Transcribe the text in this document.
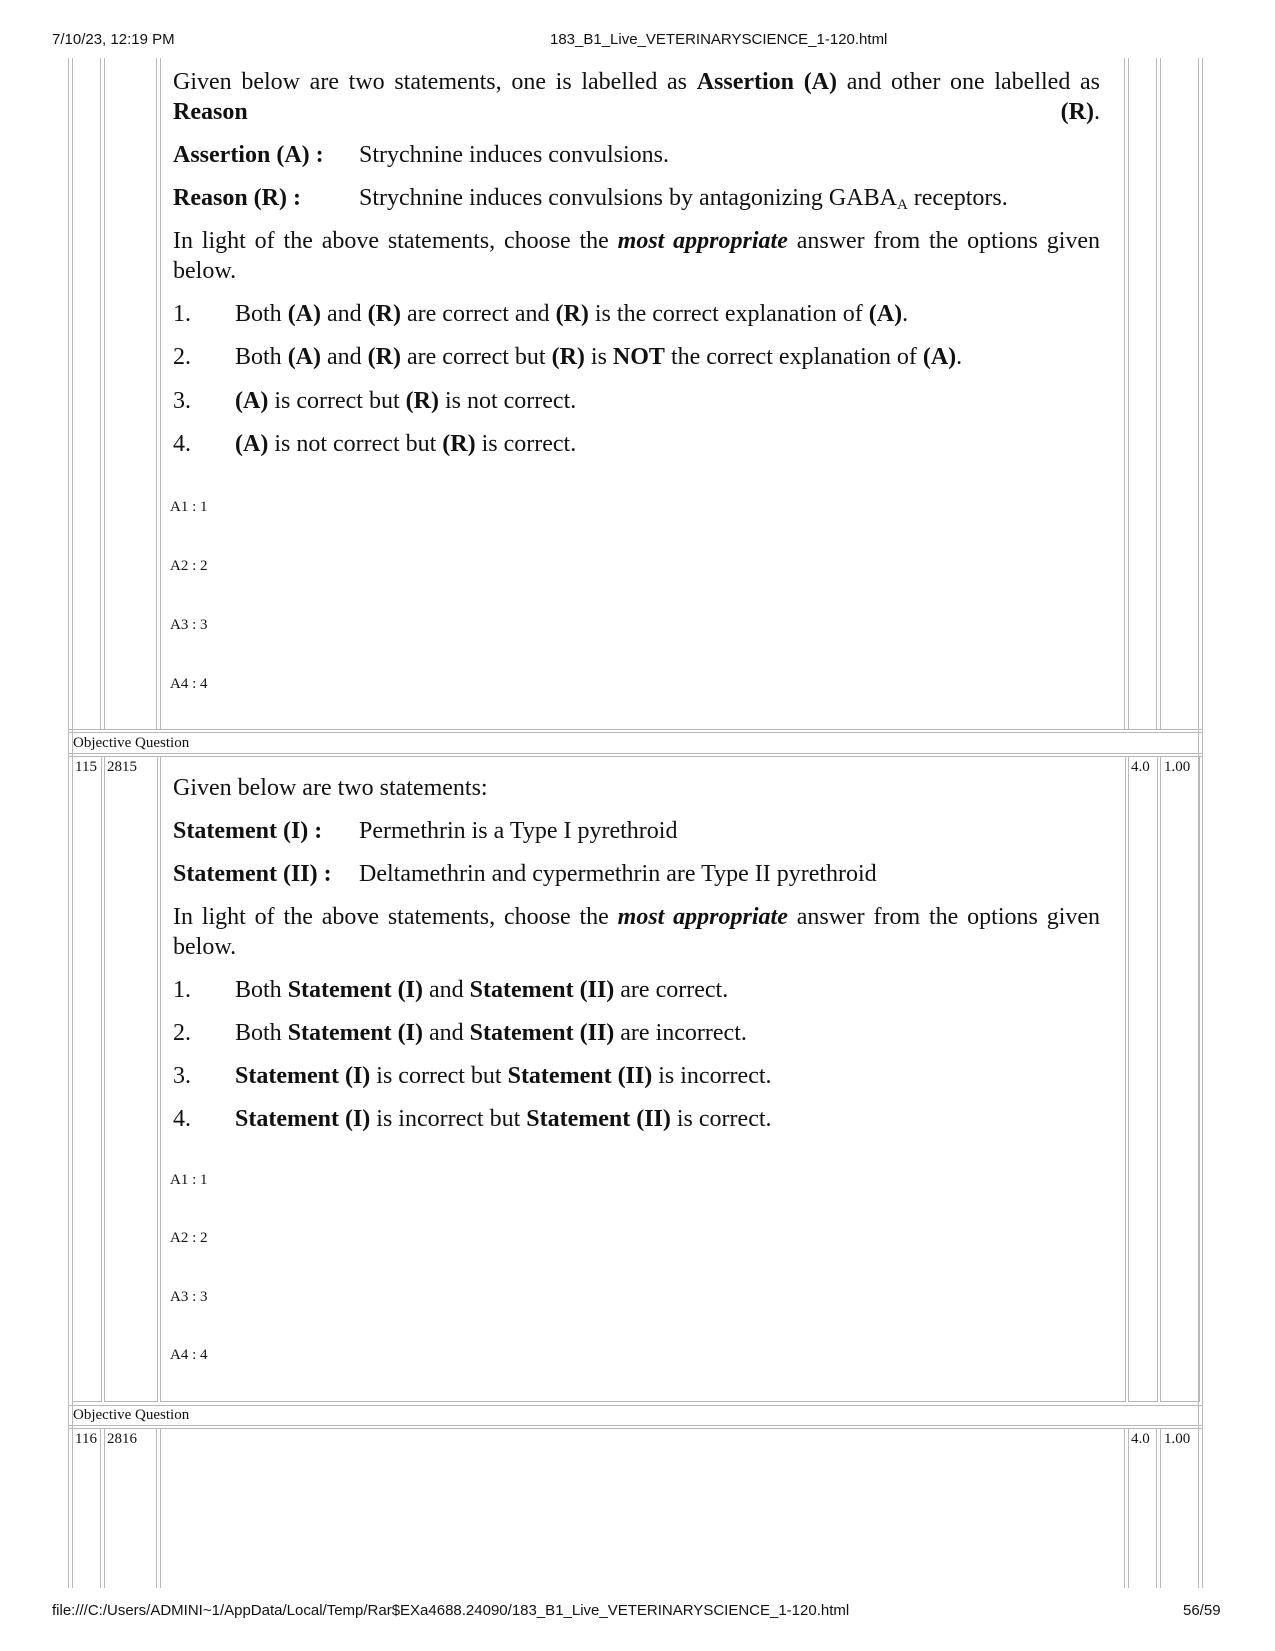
7/10/23, 12:19 PM	183_B1_Live_VETERINARYSCIENCE_1-120.html
file:///C:/Users/ADMINI~1/AppData/Local/Temp/Rar$EXa4688.24090/183_B1_Live_VETERINARYSCIENCE_1-120.html	56/59
Given below are two statements, one is labelled as Assertion (A) and other one labelled as Reason (R).
Assertion (A) : Strychnine induces convulsions.
Reason (R) : Strychnine induces convulsions by antagonizing $GABA_A$ receptors.
In light of the above statements, choose the most appropriate answer from the options given below.
1. Both (A) and (R) are correct and (R) is the correct explanation of (A).
2. Both (A) and (R) are correct but (R) is NOT the correct explanation of (A).
3. (A) is correct but (R) is not correct.
4. (A) is not correct but (R) is correct.
A1 : 1
A2 : 2
A3 : 3
A4 : 4
Objective Question
115 2815	4.0 1.00
Given below are two statements:
Statement (I) : Permethrin is a Type I pyrethroid
Statement (II) : Deltamethrin and cypermethrin are Type II pyrethroid
In light of the above statements, choose the most appropriate answer from the options given below.
1. Both Statement (I) and Statement (II) are correct.
2. Both Statement (I) and Statement (II) are incorrect.
3. Statement (I) is correct but Statement (II) is incorrect.
4. Statement (I) is incorrect but Statement (II) is correct.
A1 : 1
A2 : 2
A3 : 3
A4 : 4
Objective Question
116 2816	4.0 1.00
